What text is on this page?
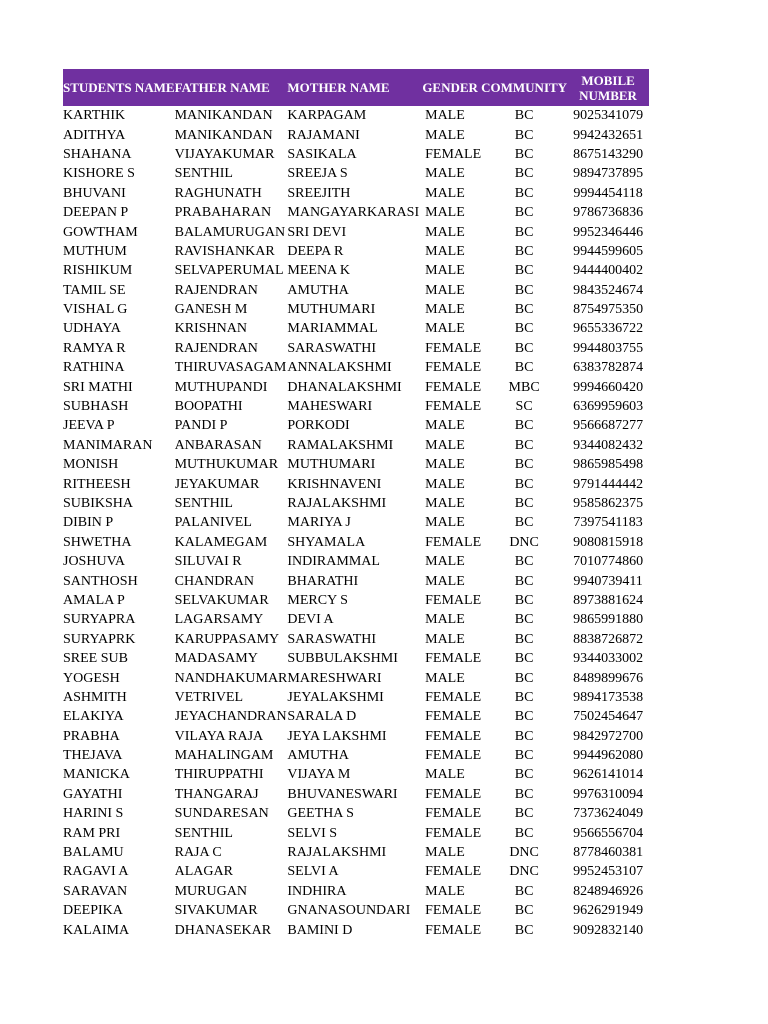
STUDENTS NAME	FATHER NAME	MOTHER NAME	GENDER	COMMUNITY	MOBILE NUMBER
KARTHIK	MANIKANDAN	KARPAGAM	MALE	BC	9025341079
ADITHYA	MANIKANDAN	RAJAMANI	MALE	BC	9942432651
SHAHANA	VIJAYAKUMAR	SASIKALA	FEMALE	BC	8675143290
KISHORE S	SENTHIL	SREEJA S	MALE	BC	9894737895
BHUVANI	RAGHUNATH	SREEJITH	MALE	BC	9994454118
DEEPAN P	PRABAHARAN	MANGAYARKARASI	MALE	BC	9786736836
GOWTHAM	BALAMURUGAN	SRI DEVI	MALE	BC	9952346446
MUTHUM	RAVISHANKAR	DEEPA R	MALE	BC	9944599605
RISHIKUM	SELVAPERUMAL	MEENA K	MALE	BC	9444400402
TAMIL SE	RAJENDRAN	AMUTHA	MALE	BC	9843524674
VISHAL G	GANESH M	MUTHUMARI	MALE	BC	8754975350
UDHAYA	KRISHNAN	MARIAMMAL	MALE	BC	9655336722
RAMYA R	RAJENDRAN	SARASWATHI	FEMALE	BC	9944803755
RATHINA	THIRUVASAGAM	ANNALAKSHMI	FEMALE	BC	6383782874
SRI MATHI	MUTHUPANDI	DHANALAKSHMI	FEMALE	MBC	9994660420
SUBHASH	BOOPATHI	MAHESWARI	FEMALE	SC	6369959603
JEEVA P	PANDI P	PORKODI	MALE	BC	9566687277
MANIMARAN	ANBARASAN	RAMALAKSHMI	MALE	BC	9344082432
MONISH	MUTHUKUMAR	MUTHUMARI	MALE	BC	9865985498
RITHEESH	JEYAKUMAR	KRISHNAVENI	MALE	BC	9791444442
SUBIKSHA	SENTHIL	RAJALAKSHMI	MALE	BC	9585862375
DIBIN P	PALANIVEL	MARIYA J	MALE	BC	7397541183
SHWETHA	KALAMEGAM	SHYAMALA	FEMALE	DNC	9080815918
JOSHUVA	SILUVAI R	INDIRAMMAL	MALE	BC	7010774860
SANTHOSH	CHANDRAN	BHARATHI	MALE	BC	9940739411
AMALA P	SELVAKUMAR	MERCY S	FEMALE	BC	8973881624
SURYAPRA	LAGARSAMY	DEVI A	MALE	BC	9865991880
SURYAPRK	KARUPPASAMY	SARASWATHI	MALE	BC	8838726872
SREE SUB	MADASAMY	SUBBULAKSHMI	FEMALE	BC	9344033002
YOGESH	NANDHAKUMAR	MARESHWARI	MALE	BC	8489899676
ASHMITH	VETRIVEL	JEYALAKSHMI	FEMALE	BC	9894173538
ELAKIYA	JEYACHANDRAN	SARALA D	FEMALE	BC	7502454647
PRABHA	VILAYA RAJA	JEYA LAKSHMI	FEMALE	BC	9842972700
THEJAVA	MAHALINGAM	AMUTHA	FEMALE	BC	9944962080
MANICKA	THIRUPPATHI	VIJAYA M	MALE	BC	9626141014
GAYATHI	THANGARAJ	BHUVANESWARI	FEMALE	BC	9976310094
HARINI S	SUNDARESAN	GEETHA S	FEMALE	BC	7373624049
RAM PRI	SENTHIL	SELVI S	FEMALE	BC	9566556704
BALAMU	RAJA C	RAJALAKSHMI	MALE	DNC	8778460381
RAGAVI A	ALAGAR	SELVI A	FEMALE	DNC	9952453107
SARAVAN	MURUGAN	INDHIRA	MALE	BC	8248946926
DEEPIKA	SIVAKUMAR	GNANASOUNDARI	FEMALE	BC	9626291949
KALAIMA	DHANASEKAR	BAMINI D	FEMALE	BC	9092832140
